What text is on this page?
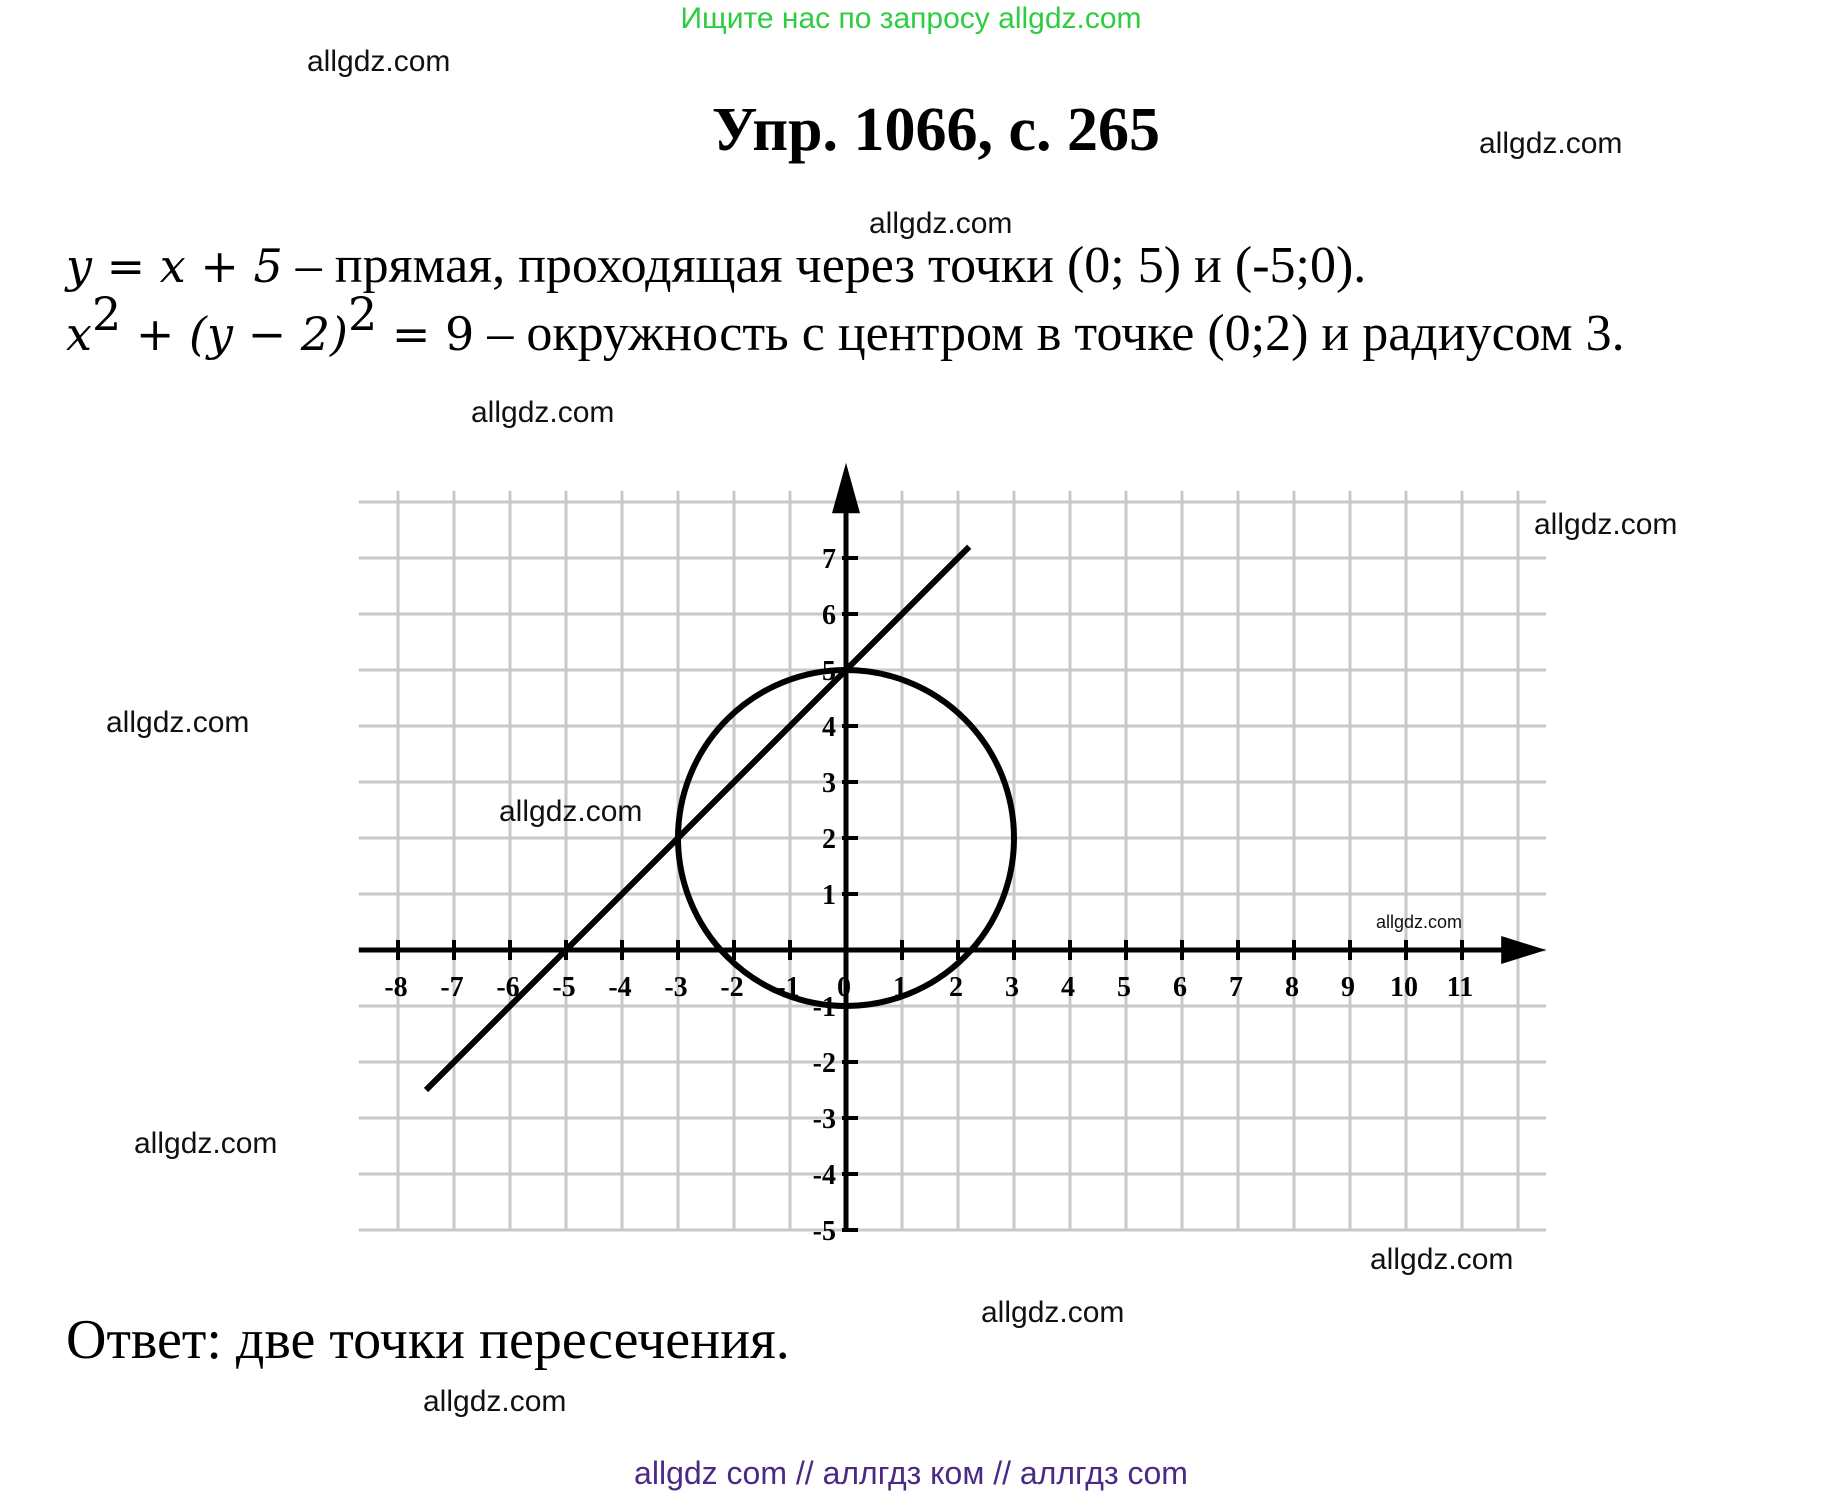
Ищите нас по запросу allgdz.com
allgdz.com
Упр. 1066, с. 265	allgdz.com
allgdz.com
y = x + 5 – прямая, проходящая через точки (0; 5) и (-5;0).
$x^2 + (y - 2)^2 = 9$ – окружность с центром в точке (0;2) и радиусом 3.
allgdz.com
allgdz.com
allgdz.com
-8 -7 -6 -5 -4 -3 -2 -1 0 1 2 3 4 5 6 7 8 9 10 11
7
6
5
4
3
2
1
-1
-2
-3
-4
-5
allgdz.com
allgdz.com
allgdz.com
allgdz.com
allgdz.com
Ответ: две точки пересечения.
allgdz.com
allgdz com // аллгдз ком // аллгдз com
